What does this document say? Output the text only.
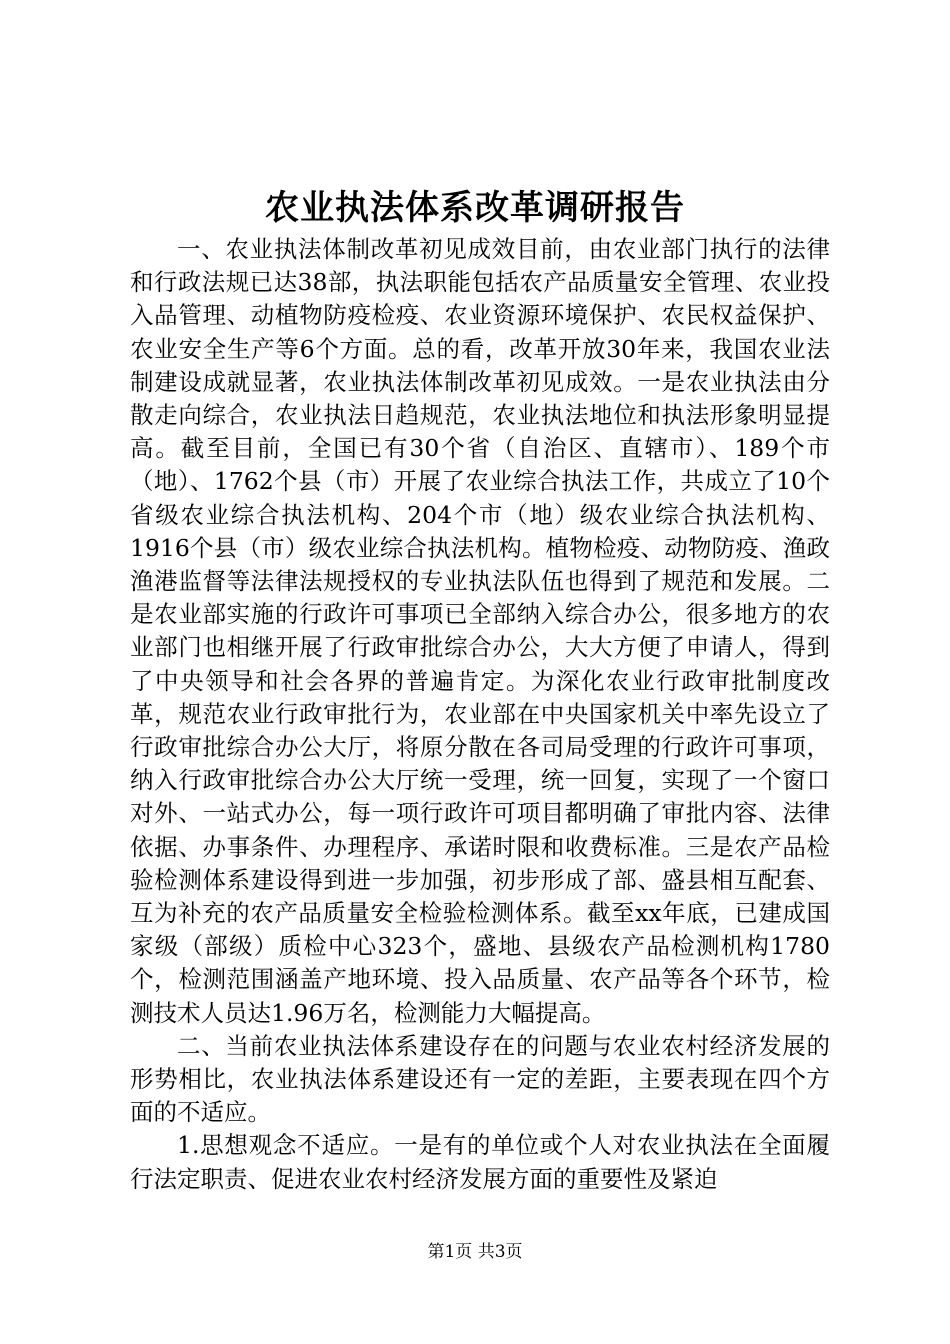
农业执法体系改革调研报告

一、农业执法体制改革初见成效目前，由农业部门执行的法律和行政法规已达38部，执法职能包括农产品质量安全管理、农业投入品管理、动植物防疫检疫、农业资源环境保护、农民权益保护、农业安全生产等6个方面。总的看，改革开放30年来，我国农业法制建设成就显著，农业执法体制改革初见成效。一是农业执法由分散走向综合，农业执法日趋规范，农业执法地位和执法形象明显提高。截至目前，全国已有30个省（自治区、直辖市）、189个市（地）、1762个县（市）开展了农业综合执法工作，共成立了10个省级农业综合执法机构、204个市（地）级农业综合执法机构、1916个县（市）级农业综合执法机构。植物检疫、动物防疫、渔政渔港监督等法律法规授权的专业执法队伍也得到了规范和发展。二是农业部实施的行政许可事项已全部纳入综合办公，很多地方的农业部门也相继开展了行政审批综合办公，大大方便了申请人，得到了中央领导和社会各界的普遍肯定。为深化农业行政审批制度改革，规范农业行政审批行为，农业部在中央国家机关中率先设立了行政审批综合办公大厅，将原分散在各司局受理的行政许可事项，纳入行政审批综合办公大厅统一受理，统一回复，实现了一个窗口对外、一站式办公，每一项行政许可项目都明确了审批内容、法律依据、办事条件、办理程序、承诺时限和收费标准。三是农产品检验检测体系建设得到进一步加强，初步形成了部、盛县相互配套、互为补充的农产品质量安全检验检测体系。截至xx年底，已建成国家级（部级）质检中心323个，盛地、县级农产品检测机构1780个，检测范围涵盖产地环境、投入品质量、农产品等各个环节，检测技术人员达1.96万名，检测能力大幅提高。

二、当前农业执法体系建设存在的问题与农业农村经济发展的形势相比，农业执法体系建设还有一定的差距，主要表现在四个方面的不适应。

1.思想观念不适应。一是有的单位或个人对农业执法在全面履行法定职责、促进农业农村经济发展方面的重要性及紧迫

第1页 共3页
